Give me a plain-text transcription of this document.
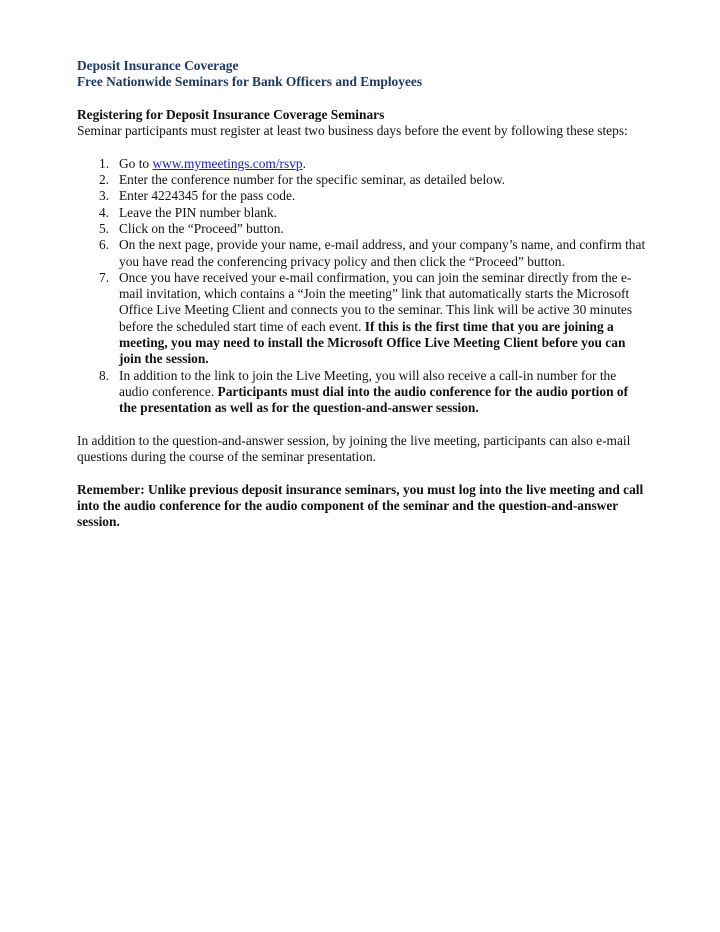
Deposit Insurance Coverage

Free Nationwide Seminars for Bank Officers and Employees

Registering for Deposit Insurance Coverage Seminars

Seminar participants must register at least two business days before the event by following these steps:

1. Go to www.mymeetings.com/rsvp.
2. Enter the conference number for the specific seminar, as detailed below.
3. Enter 4224345 for the pass code.
4. Leave the PIN number blank.
5. Click on the “Proceed” button.
6. On the next page, provide your name, e-mail address, and your company’s name, and confirm that you have read the conferencing privacy policy and then click the “Proceed” button.
7. Once you have received your e-mail confirmation, you can join the seminar directly from the e-mail invitation, which contains a “Join the meeting” link that automatically starts the Microsoft Office Live Meeting Client and connects you to the seminar. This link will be active 30 minutes before the scheduled start time of each event. If this is the first time that you are joining a meeting, you may need to install the Microsoft Office Live Meeting Client before you can join the session.
8. In addition to the link to join the Live Meeting, you will also receive a call-in number for the audio conference. Participants must dial into the audio conference for the audio portion of the presentation as well as for the question-and-answer session.

In addition to the question-and-answer session, by joining the live meeting, participants can also e-mail questions during the course of the seminar presentation.

Remember: Unlike previous deposit insurance seminars, you must log into the live meeting and call into the audio conference for the audio component of the seminar and the question-and-answer session.
